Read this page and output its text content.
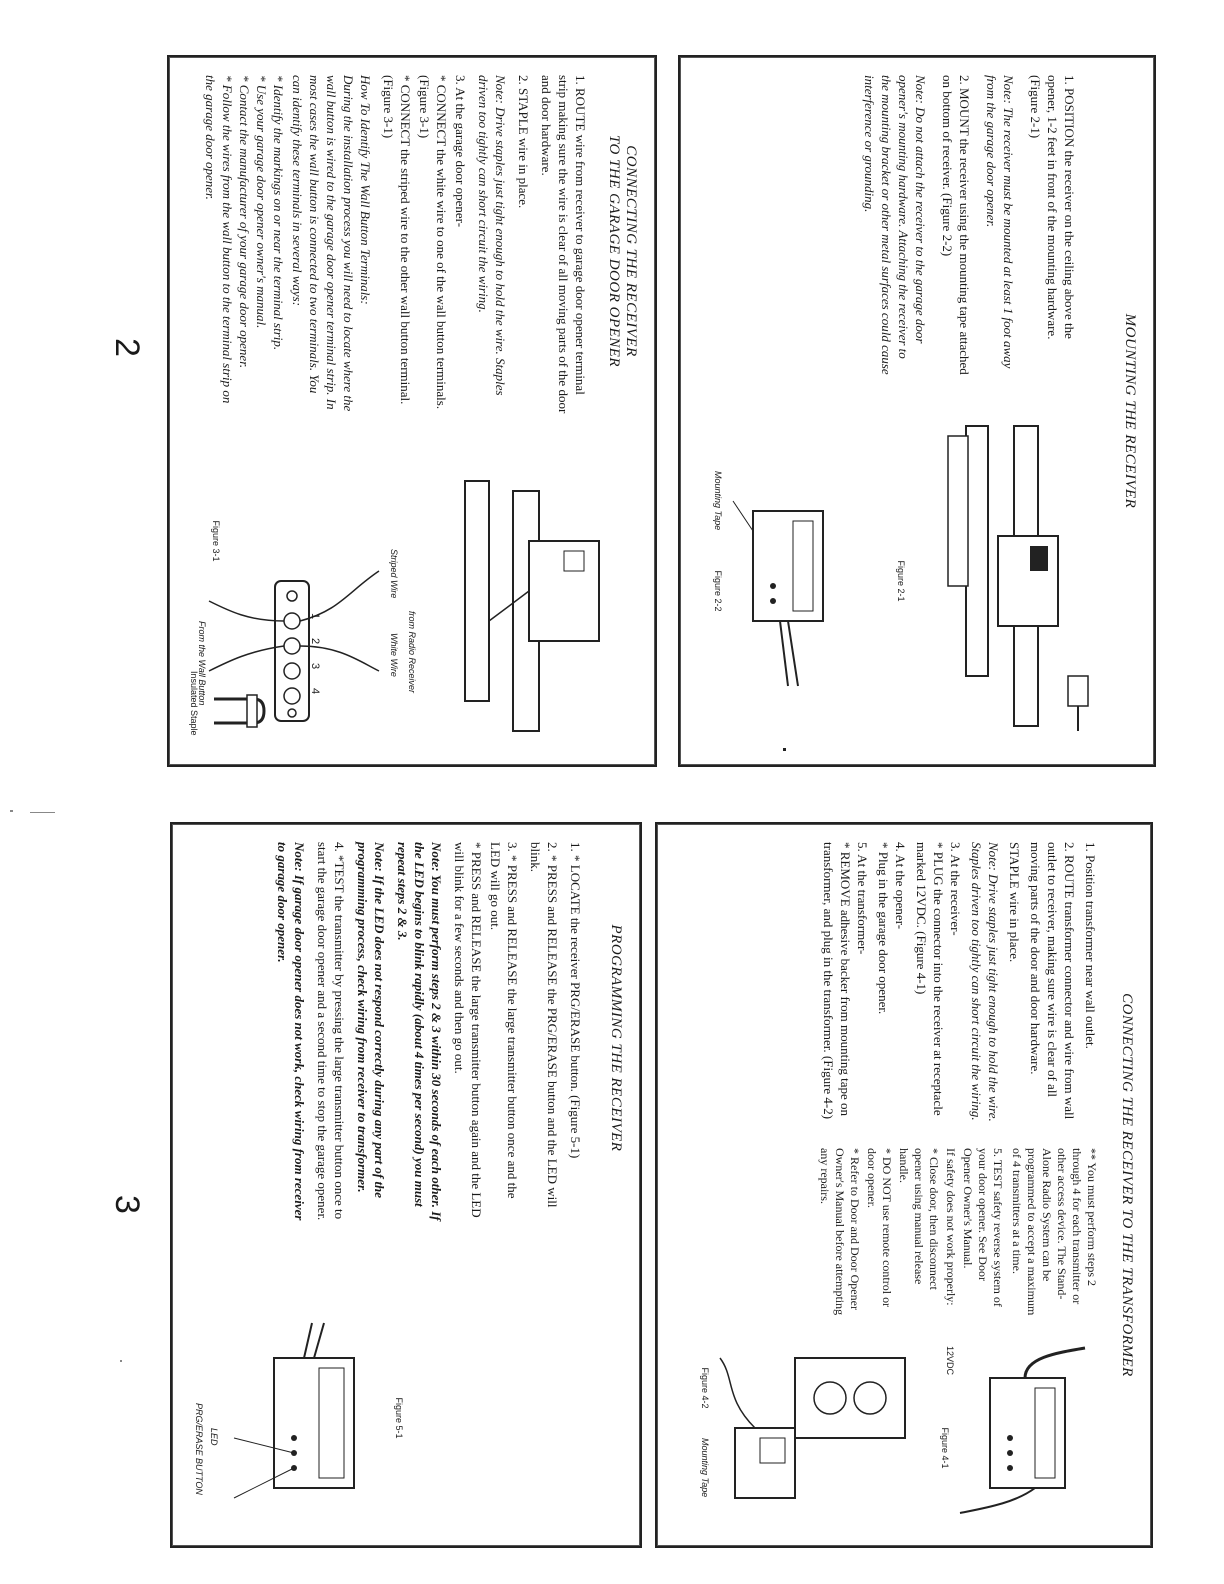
MOUNTING THE RECEIVER

1. POSITION the receiver on the ceiling above the opener, 1-2 feet in front of the mounting hardware. (Figure 2-1)

Note: The receiver must be mounted at least 1 foot away from the garage door opener.

2. MOUNT the receiver using the mounting tape attached on bottom of receiver. (Figure 2-2)

Note: Do not attach the receiver to the garage door opener's mounting hardware. Attaching the receiver to the mounting bracket or other metal surfaces could cause interference or grounding.

Figure 2-1
Mounting Tape
Figure 2-2
CONNECTING THE RECEIVER
TO THE GARAGE DOOR OPENER

1. ROUTE wire from receiver to garage door opener terminal strip making sure the wire is clear of all moving parts of the door and door hardware.

2. STAPLE wire in place.

Note: Drive staples just tight enough to hold the wire. Staples driven too tightly can short circuit the wiring.

3. At the garage door opener-

* CONNECT the white wire to one of the wall button terminals. (Figure 3-1)

* CONNECT the striped wire to the other wall button terminal. (Figure 3-1)

How To Identify The Wall Button Terminals:

During the installation process you will need to locate where the wall button is wired to the garage door opener terminal strip. In most cases the wall button is connected to two terminals. You can identify these terminals in several ways:

* Identify the markings on or near the terminal strip.

* Use your garage door opener owner's manual.

* Contact the manufacturer of your garage door opener.

* Follow the wires from the wall button to the terminal strip on the garage door opener.

Striped Wire
White Wire from Radio Receiver
1234
From the Wall Button
Figure 3-1
Insulated Staple
2
CONNECTING THE RECEIVER TO THE TRANSFORMER

1. Position transformer near wall outlet.

2. ROUTE transformer connector and wire from wall outlet to receiver, making sure wire is clear of all moving parts of the door and door hardware.

STAPLE wire in place.

Note: Drive staples just tight enough to hold the wire. Staples driven too tightly can short circuit the wiring.

3. At the receiver-

* PLUG the connector into the receiver at receptacle marked 12VDC. (Figure 4-1)

4. At the opener-

* Plug in the garage door opener.

5. At the transformer-

* REMOVE adhesive backer from mounting tape on transformer, and plug in the transformer. (Figure 4-2)

** You must perform steps 2 through 4 for each transmitter or other access device. The Stand-Alone Radio System can be programmed to accept a maximum of 4 transmitters at a time.

5. TEST safety reverse system of your door opener. See Door Opener Owner's Manual.

If safety does not work properly:

* Close door, then disconnect opener using manual release handle.

* DO NOT use remote control or door opener.

* Refer to Door and Door Opener Owner's Manual before attempting any repairs.

12VDC
Figure 4-1
Figure 4-2
Mounting Tape
PROGRAMMING THE RECEIVER

1. * LOCATE the receiver PRG/ERASE button. (Figure 5-1)

2. * PRESS and RELEASE the PRG/ERASE button and the LED will blink.

3. * PRESS and RELEASE the large transmitter button once and the LED will go out.

* PRESS and RELEASE the large transmitter button again and the LED will blink for a few seconds and then go out.

Note: You must perform steps 2 & 3 within 30 seconds of each other. If the LED begins to blink rapidly (about 4 times per second) you must repeat steps 2 & 3.

Note: If the LED does not respond correctly during any part of the programming process, check wiring from receiver to transformer.

4. *TEST the transmitter by pressing the large transmitter button once to start the garage door opener and a second time to stop the garage opener.

Note: If garage door opener does not work, check wiring from receiver to garage door opener.

Figure 5-1
LED
PRG/ERASE BUTTON
3
